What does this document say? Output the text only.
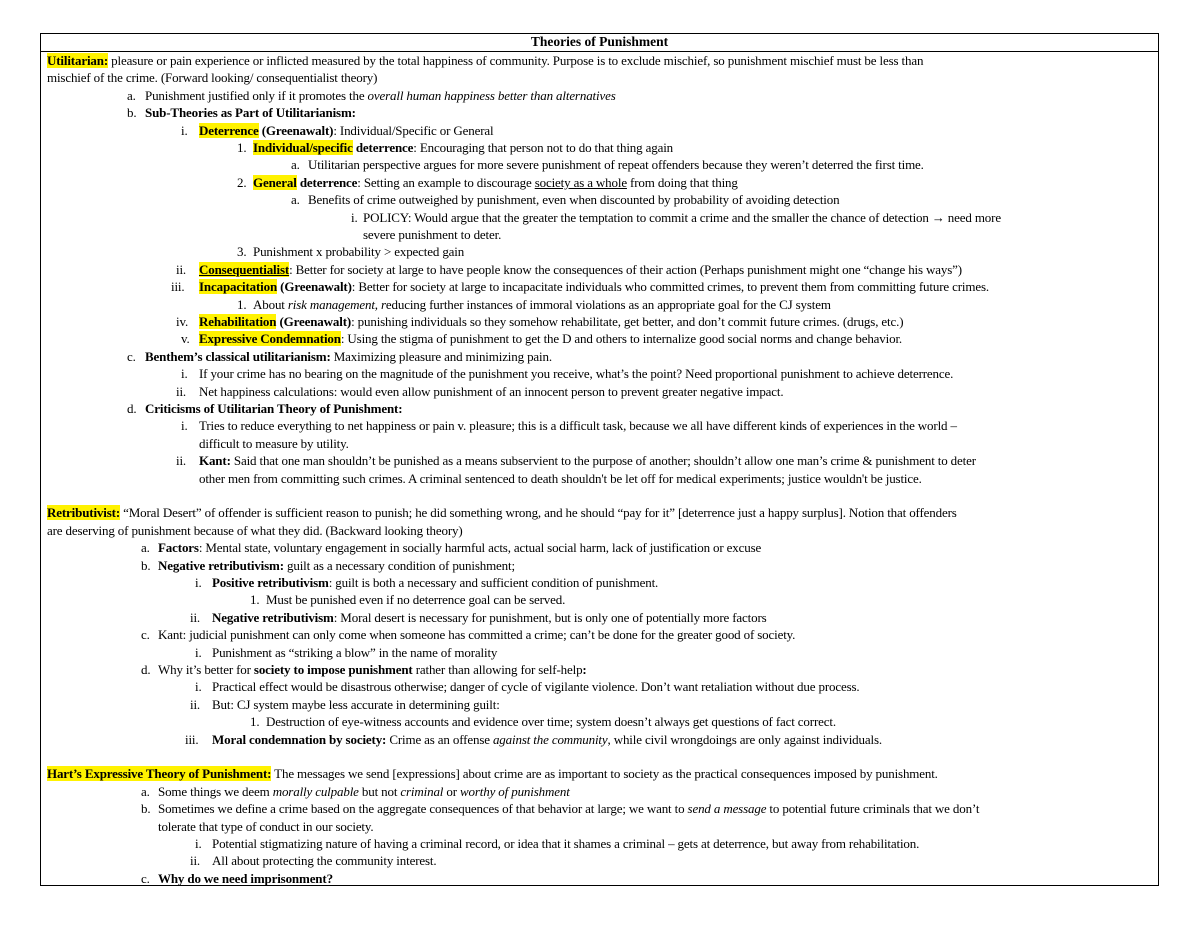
Theories of Punishment
Utilitarian: pleasure or pain experience or inflicted measured by the total happiness of community. Purpose is to exclude mischief, so punishment mischief must be less than
mischief of the crime. (Forward looking/ consequentialist theory)
a. Punishment justified only if it promotes the overall human happiness better than alternatives
b. Sub-Theories as Part of Utilitarianism:
i. Deterrence (Greenawalt): Individual/Specific or General
1. Individual/specific deterrence: Encouraging that person not to do that thing again
a. Utilitarian perspective argues for more severe punishment of repeat offenders because they weren’t deterred the first time.
2. General deterrence: Setting an example to discourage society as a whole from doing that thing
a. Benefits of crime outweighed by punishment, even when discounted by probability of avoiding detection
i. POLICY: Would argue that the greater the temptation to commit a crime and the smaller the chance of detection → need more
severe punishment to deter.
3. Punishment x probability > expected gain
ii. Consequentialist: Better for society at large to have people know the consequences of their action (Perhaps punishment might one “change his ways”)
iii. Incapacitation (Greenawalt): Better for society at large to incapacitate individuals who committed crimes, to prevent them from committing future crimes.
1. About risk management, reducing further instances of immoral violations as an appropriate goal for the CJ system
iv. Rehabilitation (Greenawalt): punishing individuals so they somehow rehabilitate, get better, and don’t commit future crimes. (drugs, etc.)
v. Expressive Condemnation: Using the stigma of punishment to get the D and others to internalize good social norms and change behavior.
c. Benthem’s classical utilitarianism: Maximizing pleasure and minimizing pain.
i. If your crime has no bearing on the magnitude of the punishment you receive, what’s the point? Need proportional punishment to achieve deterrence.
ii. Net happiness calculations: would even allow punishment of an innocent person to prevent greater negative impact.
d. Criticisms of Utilitarian Theory of Punishment:
i. Tries to reduce everything to net happiness or pain v. pleasure; this is a difficult task, because we all have different kinds of experiences in the world –
difficult to measure by utility.
ii. Kant: Said that one man shouldn’t be punished as a means subservient to the purpose of another; shouldn’t allow one man’s crime & punishment to deter
other men from committing such crimes. A criminal sentenced to death shouldn't be let off for medical experiments; justice wouldn't be justice.
Retributivist: “Moral Desert” of offender is sufficient reason to punish; he did something wrong, and he should “pay for it” [deterrence just a happy surplus]. Notion that offenders
are deserving of punishment because of what they did. (Backward looking theory)
a. Factors: Mental state, voluntary engagement in socially harmful acts, actual social harm, lack of justification or excuse
b. Negative retributivism: guilt as a necessary condition of punishment;
i. Positive retributivism: guilt is both a necessary and sufficient condition of punishment.
1. Must be punished even if no deterrence goal can be served.
ii. Negative retributivism: Moral desert is necessary for punishment, but is only one of potentially more factors
c. Kant: judicial punishment can only come when someone has committed a crime; can’t be done for the greater good of society.
i. Punishment as “striking a blow” in the name of morality
d. Why it’s better for society to impose punishment rather than allowing for self-help:
i. Practical effect would be disastrous otherwise; danger of cycle of vigilante violence. Don’t want retaliation without due process.
ii. But: CJ system maybe less accurate in determining guilt:
1. Destruction of eye-witness accounts and evidence over time; system doesn’t always get questions of fact correct.
iii. Moral condemnation by society: Crime as an offense against the community, while civil wrongdoings are only against individuals.
Hart’s Expressive Theory of Punishment: The messages we send [expressions] about crime are as important to society as the practical consequences imposed by punishment.
a. Some things we deem morally culpable but not criminal or worthy of punishment
b. Sometimes we define a crime based on the aggregate consequences of that behavior at large; we want to send a message to potential future criminals that we don’t
tolerate that type of conduct in our society.
i. Potential stigmatizing nature of having a criminal record, or idea that it shames a criminal – gets at deterrence, but away from rehabilitation.
ii. All about protecting the community interest.
c. Why do we need imprisonment?
